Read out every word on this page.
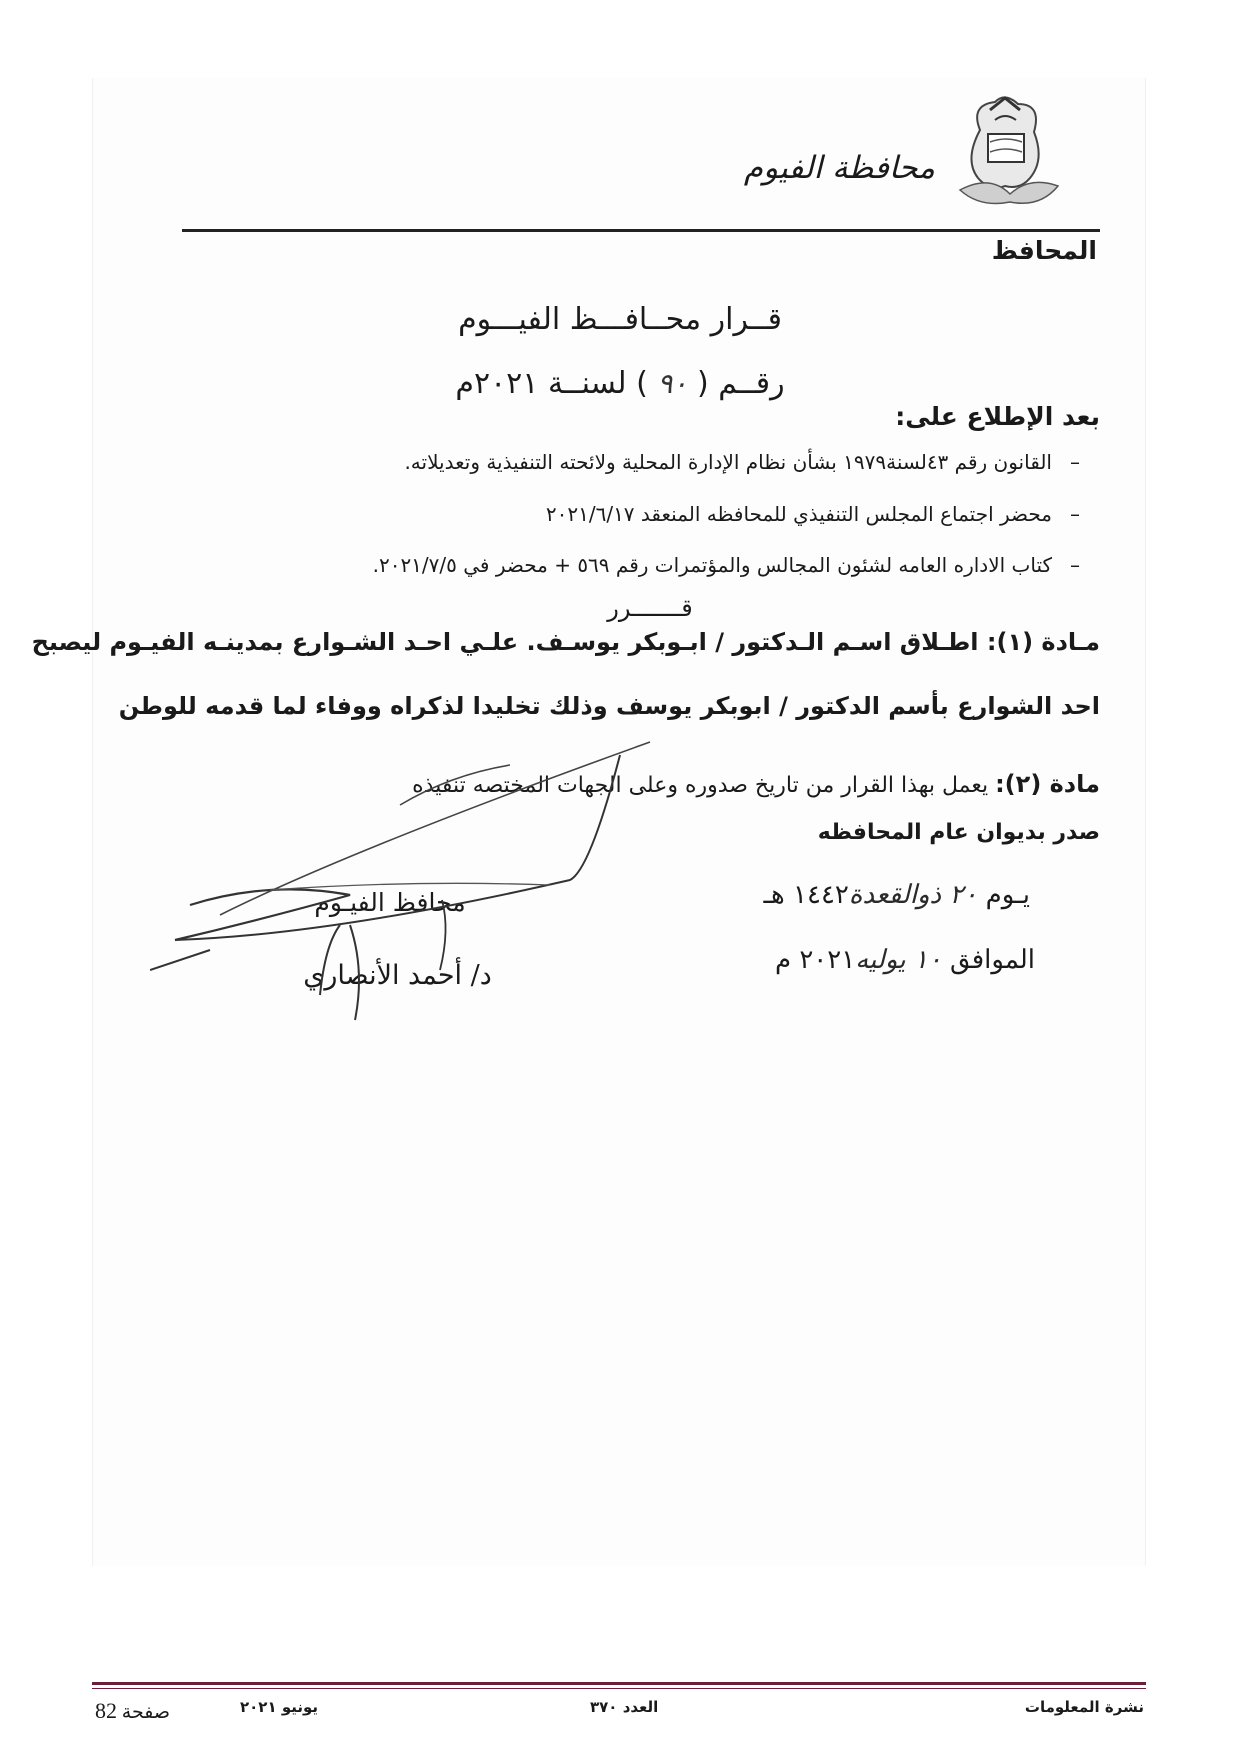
محافظة الفيوم
المحافظ
قــرار محــافـــظ الفيـــوم
رقــم ( ٩٠ ) لسنــة ٢٠٢١م
بعد الإطلاع على:
–القانون رقم ٤٣لسنة١٩٧٩ بشأن نظام الإدارة المحلية ولائحته التنفيذية وتعديلاته.
–محضر اجتماع المجلس التنفيذي للمحافظه المنعقد ٢٠٢١/٦/١٧
–كتاب الاداره العامه لشئون المجالس والمؤتمرات رقم ٥٦٩ + محضر في ٢٠٢١/٧/٥.
قـــــــرر
مـادة (١): اطـلاق اسـم الـدكتور / ابـوبكر يوسـف. علـي احـد الشـوارع بمدينـه الفيـوم ليصبح
احد الشوارع بأسم الدكتور / ابوبكر يوسف وذلك تخليدا لذكراه ووفاء لما قدمه للوطن
مادة (٢): يعمل بهذا القرار من تاريخ صدوره وعلى الجهات المختصه تنفيذه
صدر بديوان عام المحافظه
يـوم ٢٠ ذوالقعدة١٤٤٢ هـ
الموافق ١٠ يوليه٢٠٢١ م
محافظ الفيـوم
د/ أحمد الأنصاري
نشرة المعلومات
العدد ٣٧٠
يونيو ٢٠٢١
صفحة 82
